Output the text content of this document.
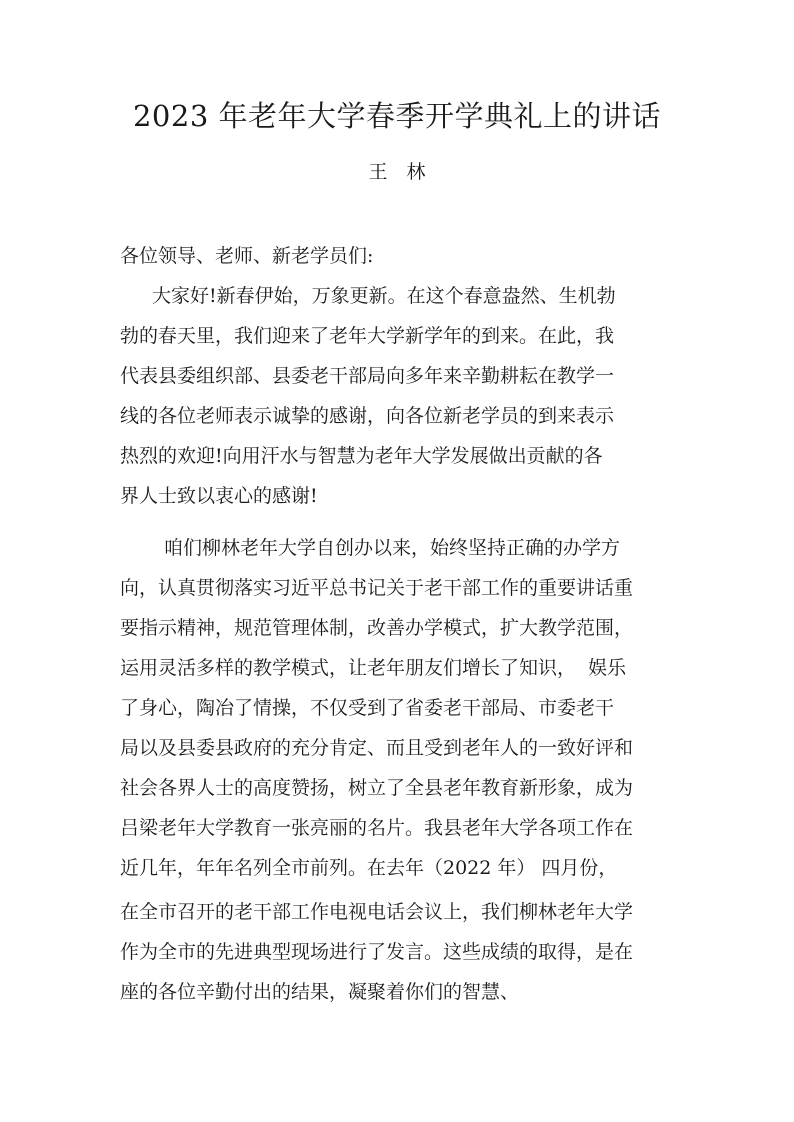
2023 年老年大学春季开学典礼上的讲话
王　林
各位领导、老师、新老学员们:
大家好!新春伊始，万象更新。在这个春意盎然、生机勃
勃的春天里，我们迎来了老年大学新学年的到来。在此，我
代表县委组织部、县委老干部局向多年来辛勤耕耘在教学一
线的各位老师表示诚挚的感谢，向各位新老学员的到来表示
热烈的欢迎!向用汗水与智慧为老年大学发展做出贡献的各
界人士致以衷心的感谢!
咱们柳林老年大学自创办以来，始终坚持正确的办学方
向，认真贯彻落实习近平总书记关于老干部工作的重要讲话重
要指示精神，规范管理体制，改善办学模式，扩大教学范围，
运用灵活多样的教学模式，让老年朋友们增长了知识，  娱乐
了身心，陶冶了情操，不仅受到了省委老干部局、市委老干
局以及县委县政府的充分肯定、而且受到老年人的一致好评和
社会各界人士的高度赞扬，树立了全县老年教育新形象，成为
吕梁老年大学教育一张亮丽的名片。我县老年大学各项工作在
近几年，年年名列全市前列。在去年（2022 年） 四月份，
在全市召开的老干部工作电视电话会议上，我们柳林老年大学
作为全市的先进典型现场进行了发言。这些成绩的取得，是在
座的各位辛勤付出的结果，凝聚着你们的智慧、
